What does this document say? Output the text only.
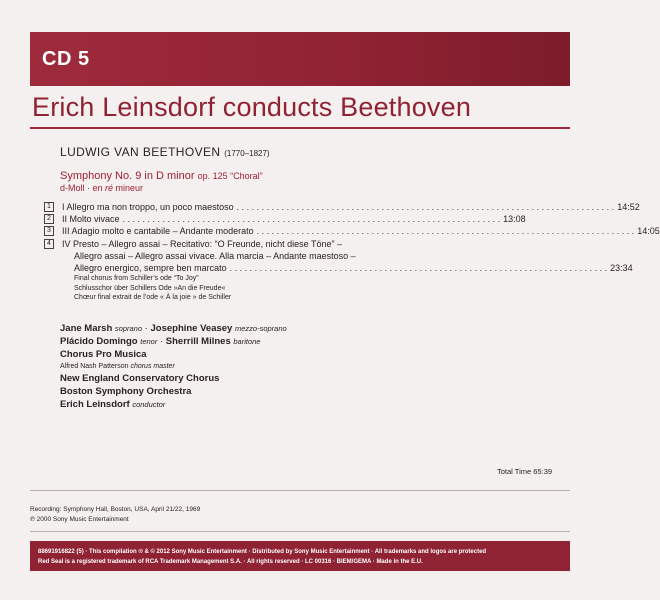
CD 5
Erich Leinsdorf conducts Beethoven
LUDWIG VAN BEETHOVEN (1770–1827)
Symphony No. 9 in D minor op. 125 “Choral”
d-Moll · en ré mineur
1	I Allegro ma non troppo, un poco maestoso . . .	14:52
2	II Molto vivace . . .	13:08
3	III Adagio molto e cantabile – Andante moderato . . .	14:05
4	IV Presto – Allegro assai – Recitativo: “O Freunde, nicht diese Töne” –
Allegro assai – Allegro assai vivace. Alla marcia – Andante maestoso –
Allegro energico, sempre ben marcato . . .	23:34
Final chorus from Schiller’s ode “To Joy”
Schlusschor über Schillers Ode »An die Freude«
Chœur final extrait de l’ode « À la joie » de Schiller
Jane Marsh soprano · Josephine Veasey mezzo-soprano
Plácido Domingo tenor · Sherrill Milnes baritone
Chorus Pro Musica
Alfred Nash Patterson chorus master
New England Conservatory Chorus
Boston Symphony Orchestra
Erich Leinsdorf conductor
Total Time 65:39
Recording: Symphony Hall, Boston, USA, April 21/22, 1969
℗ 2000 Sony Music Entertainment
88691916822 (5) · This compilation ℗ & © 2012 Sony Music Entertainment · Distributed by Sony Music Entertainment · All trademarks and logos are protected
Red Seal is a registered trademark of RCA Trademark Management S.A. · All rights reserved · LC 00316 · BIEM/GEMA · Made in the E.U.
